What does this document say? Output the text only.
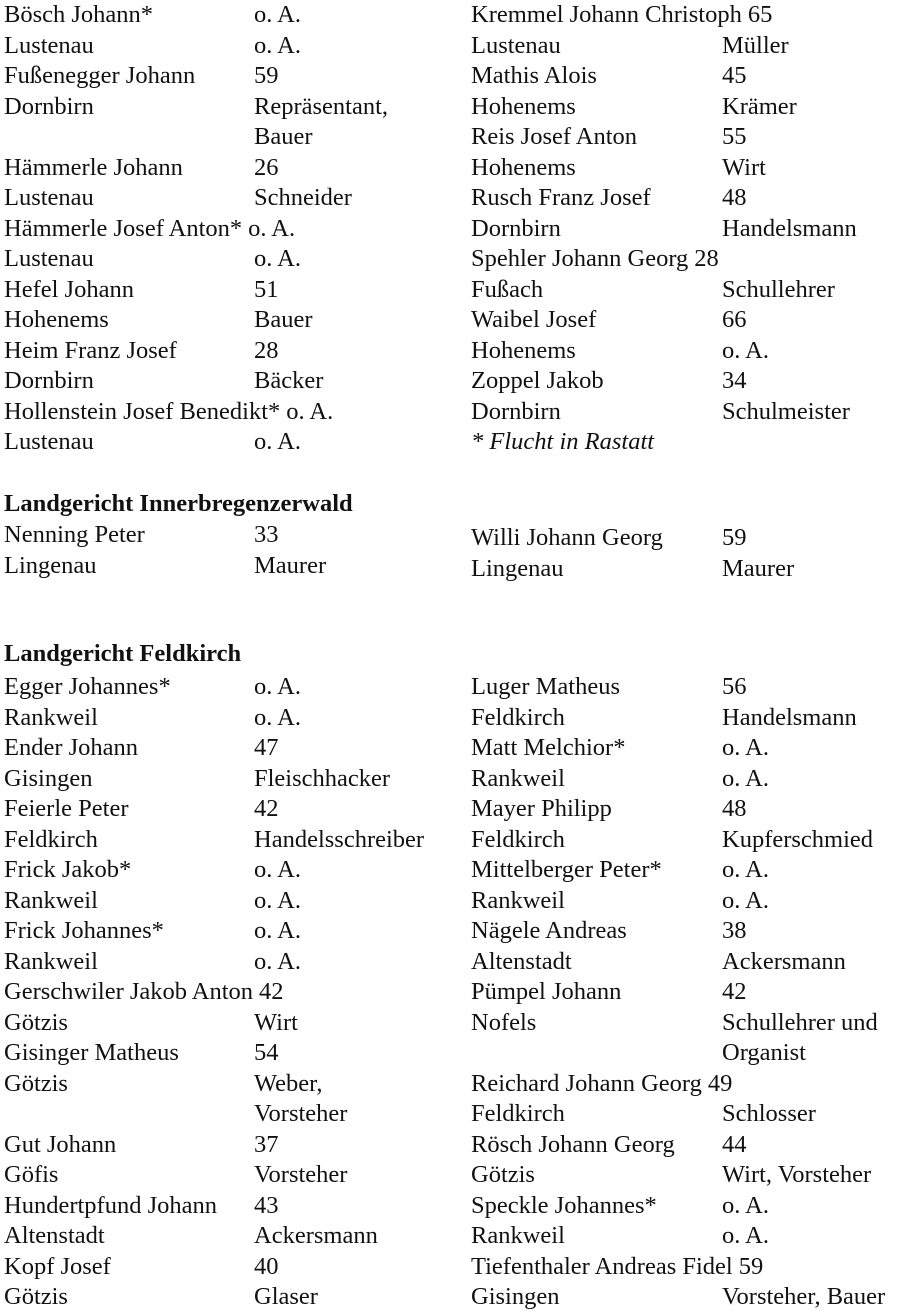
Bösch Johann*	o. A.
Lustenau	o. A.
Fußenegger Johann	59
Dornbirn	Repräsentant,
Bauer
Hämmerle Johann	26
Lustenau	Schneider
Hämmerle Josef Anton* o. A.
Lustenau	o. A.
Hefel Johann	51
Hohenems	Bauer
Heim Franz Josef	28
Dornbirn	Bäcker
Hollenstein Josef Benedikt* o. A.
Lustenau	o. A.
Kremmel Johann Christoph 65
Lustenau	Müller
Mathis Alois	45
Hohenems	Krämer
Reis Josef Anton	55
Hohenems	Wirt
Rusch Franz Josef	48
Dornbirn	Handelsmann
Spehler Johann Georg 28
Fußach	Schullehrer
Waibel Josef	66
Hohenems	o. A.
Zoppel Jakob	34
Dornbirn	Schulmeister
* Flucht in Rastatt
Landgericht Innerbregenzerwald
Nenning Peter	33
Lingenau	Maurer
Willi Johann Georg 59
Lingenau	Maurer
Landgericht Feldkirch
Egger Johannes*	o. A.
Rankweil	o. A.
Ender Johann	47
Gisingen	Fleischhacker
Feierle Peter	42
Feldkirch	Handelsschreiber
Frick Jakob*	o. A.
Rankweil	o. A.
Frick Johannes*	o. A.
Rankweil	o. A.
Gerschwiler Jakob Anton 42
Götzis	Wirt
Gisinger Matheus	54
Götzis	Weber,
Vorsteher
Gut Johann	37
Göfis	Vorsteher
Hundertpfund Johann	43
Altenstadt	Ackersmann
Kopf Josef	40
Götzis	Glaser
Luger Matheus	56
Feldkirch	Handelsmann
Matt Melchior*	o. A.
Rankweil	o. A.
Mayer Philipp	48
Feldkirch	Kupferschmied
Mittelberger Peter*	o. A.
Rankweil	o. A.
Nägele Andreas	38
Altenstadt	Ackersmann
Pümpel Johann	42
Nofels	Schullehrer und
Organist
Reichard Johann Georg 49
Feldkirch	Schlosser
Rösch Johann Georg	44
Götzis	Wirt, Vorsteher
Speckle Johannes*	o. A.
Rankweil	o. A.
Tiefenthaler Andreas Fidel 59
Gisingen	Vorsteher, Bauer
